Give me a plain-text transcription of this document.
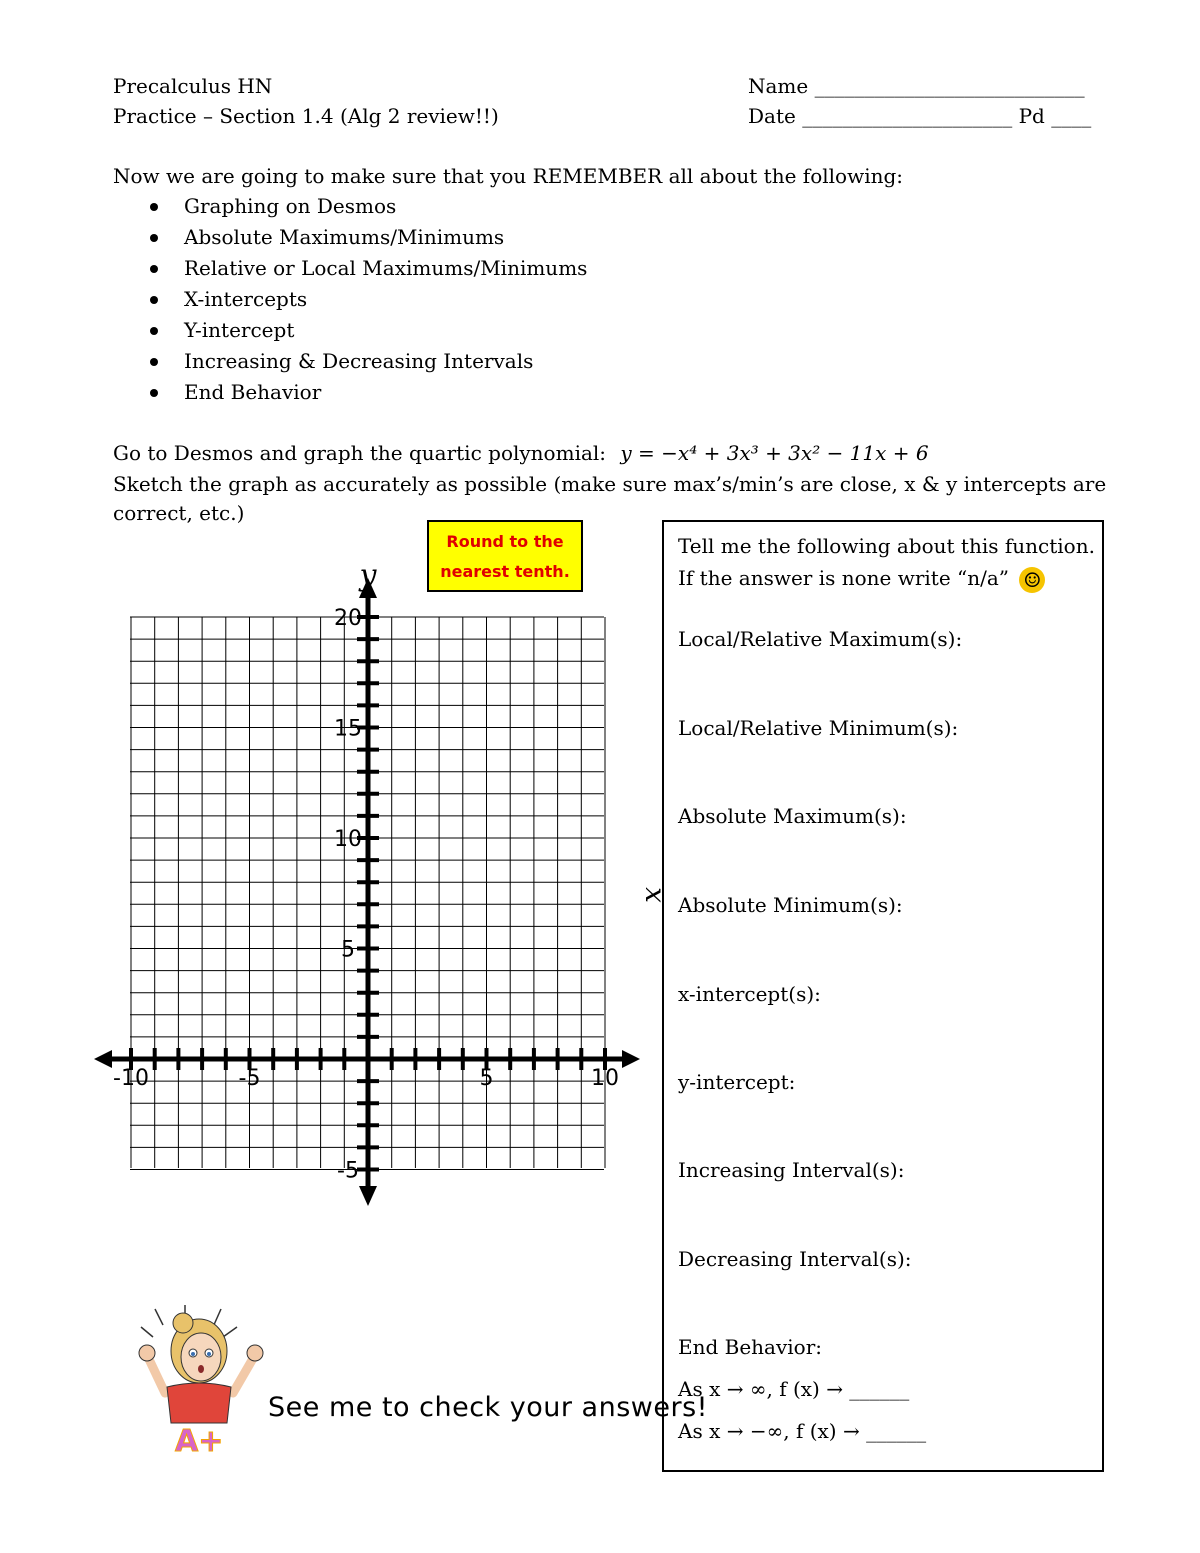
Precalculus HN
Practice – Section 1.4 (Alg 2 review!!)
Name ___________________________
Date _____________________ Pd ____
Now we are going to make sure that you REMEMBER all about the following:
Graphing on Desmos
Absolute Maximums/Minimums
Relative or Local Maximums/Minimums
X-intercepts
Y-intercept
Increasing & Decreasing Intervals
End Behavior
Go to Desmos and graph the quartic polynomial: y = −x⁴ + 3x³ + 3x² − 11x + 6
Sketch the graph as accurately as possible (make sure max’s/min’s are close, x & y intercepts are
correct, etc.)
Round to the
nearest tenth.
y
x
-10	-5	5	10
20
15
10
5
-5
Tell me the following about this function.
If the answer is none write “n/a” ☺
Local/Relative Maximum(s):
Local/Relative Minimum(s):
Absolute Maximum(s):
Absolute Minimum(s):
x-intercept(s):
y-intercept:
Increasing Interval(s):
Decreasing Interval(s):
End Behavior:
As x → ∞, f (x) → ______
As x → −∞, f (x) → ______
A+
See me to check your answers!
